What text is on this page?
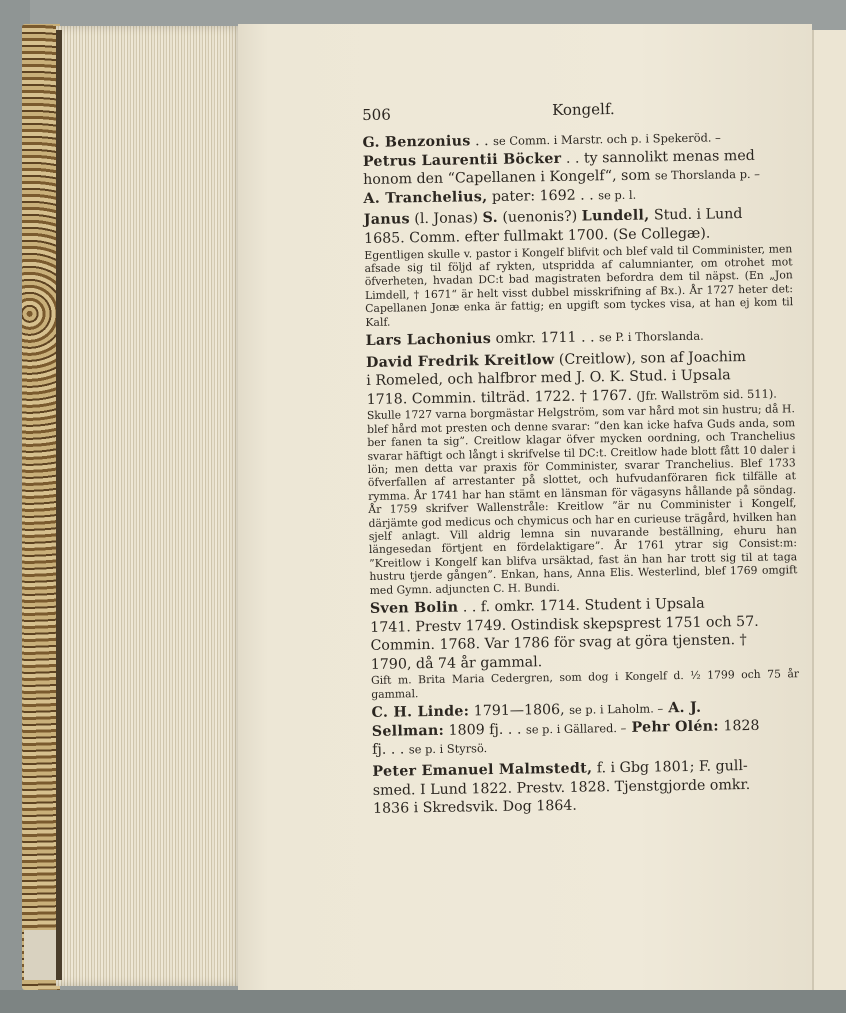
506	Kongelf.
G. Benzonius . . se Comm. i Marstr. och p. i Spekeröd. –
Petrus Laurentii Böcker . . ty sannolikt menas med
honom den “Capellanen i Kongelf“, som se Thorslanda p. –
A. Tranchelius, pater: 1692 . . se p. l.
Janus (l. Jonas) S. (uenonis?) Lundell, Stud. i Lund
1685. Comm. efter fullmakt 1700. (Se Collegæ).

Egentligen skulle v. pastor i Kongelf blifvit och blef vald til Comminister, men afsade sig til följd af rykten, utspridda af calumnianter, om otrohet mot öfverheten, hvadan DC:t bad magistraten befordra dem til näpst. (En „Jon Limdell, † 1671“ är helt visst dubbel misskrifning af Bx.). År 1727 heter det: Capellanen Jonæ enka är fattig; en upgift som tyckes visa, at han ej kom til Kalf.

Lars Lachonius omkr. 1711 . . se P. i Thorslanda.
David Fredrik Kreitlow (Creitlow), son af Joachim
i Romeled, och halfbror med J. O. K. Stud. i Upsala
1718. Commin. tilträd. 1722. † 1767. (Jfr. Wallström sid. 511).

Skulle 1727 varna borgmästar Helgström, som var hård mot sin hustru; då H. blef hård mot presten och denne svarar: ”den kan icke hafva Guds anda, som ber fanen ta sig”. Creitlow klagar öfver mycken oordning, och Tranchelius svarar häftigt och långt i skrifvelse til DC:t. Creitlow hade blott fått 10 daler i lön; men detta var praxis för Comminister, svarar Tranchelius. Blef 1733 öfverfallen af arrestanter på slottet, och hufvudanföraren fick tilfälle at rymma. År 1741 har han stämt en länsman för vägasyns hållande på söndag. År 1759 skrifver Wallenstråle: Kreitlow ”är nu Comminister i Kongelf, därjämte god medicus och chymicus och har en curieuse trägård, hvilken han sjelf anlagt. Vill aldrig lemna sin nuvarande beställning, ehuru han längesedan förtjent en fördelaktigare”. År 1761 ytrar sig Consist:m: ”Kreitlow i Kongelf kan blifva ursäktad, fast än han har trott sig til at taga hustru tjerde gången”. Enkan, hans, Anna Elis. Westerlind, blef 1769 omgift med Gymn. adjuncten C. H. Bundi.

Sven Bolin . . f. omkr. 1714. Student i Upsala
1741. Prestv 1749. Ostindisk skepsprest 1751 och 57.
Commin. 1768. Var 1786 för svag at göra tjensten. †
1790, då 74 år gammal.

Gift m. Brita Maria Cedergren, som dog i Kongelf d. ½ 1799 och 75 år gammal.

C. H. Linde: 1791—1806, se p. i Laholm. – A. J.
Sellman: 1809 fj. . . se p. i Gällared. – Pehr Olén: 1828
fj. . . se p. i Styrsö.
Peter Emanuel Malmstedt, f. i Gbg 1801; F. gull-
smed. I Lund 1822. Prestv. 1828. Tjenstgjorde omkr.
1836 i Skredsvik. Dog 1864.
